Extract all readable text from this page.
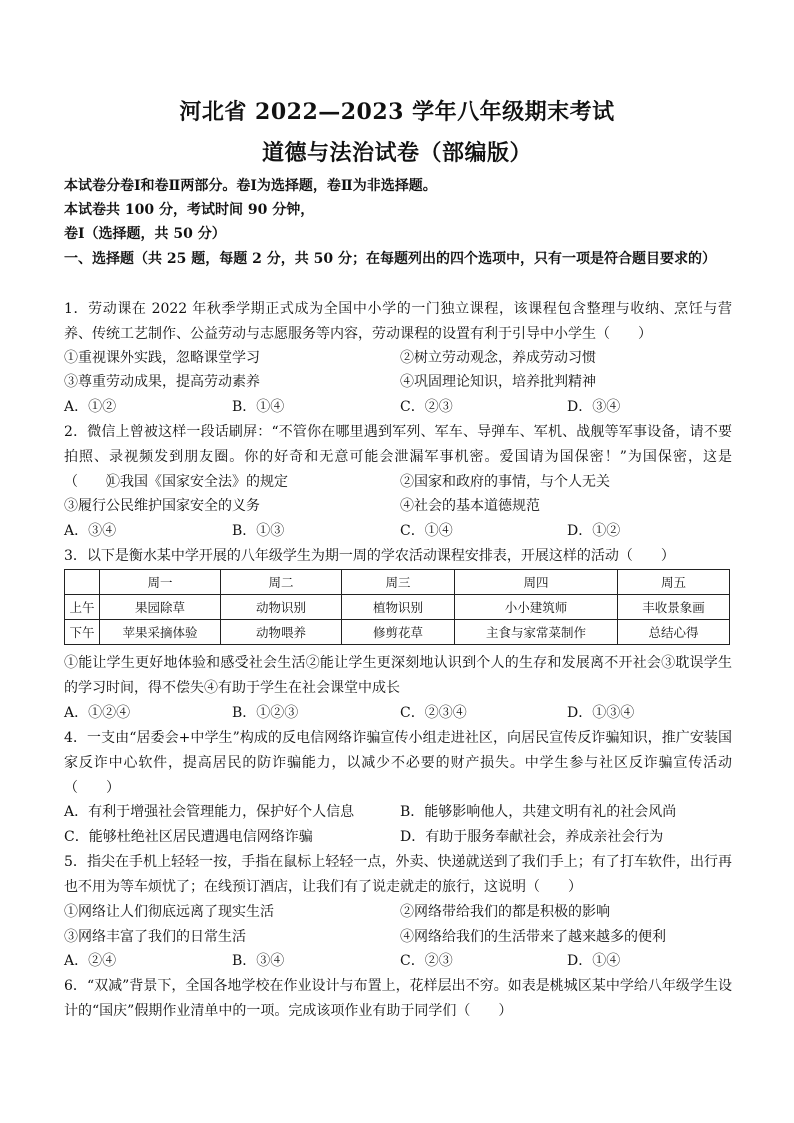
河北省 2022—2023 学年八年级期末考试
道德与法治试卷（部编版）
本试卷分卷Ⅰ和卷Ⅱ两部分。卷Ⅰ为选择题，卷Ⅱ为非选择题。
本试卷共 100 分，考试时间 90 分钟，
卷Ⅰ（选择题，共 50 分）
一、选择题（共 25 题，每题 2 分，共 50 分；在每题列出的四个选项中，只有一项是符合题目要求的）
1．劳动课在 2022 年秋季学期正式成为全国中小学的一门独立课程，该课程包含整理与收纳、烹饪与营养、传统工艺制作、公益劳动与志愿服务等内容，劳动课程的设置有利于引导中小学生（　　）
①重视课外实践，忽略课堂学习	②树立劳动观念，养成劳动习惯
③尊重劳动成果，提高劳动素养	④巩固理论知识，培养批判精神
A．①②	B．①④	C．②③	D．③④
2．微信上曾被这样一段话刷屏：“不管你在哪里遇到军列、军车、导弹车、军机、战舰等军事设备，请不要拍照、录视频发到朋友圈。你的好奇和无意可能会泄漏军事机密。爱国请为国保密！”为国保密，这是（　　）
③履行公民维护国家安全的义务	④社会的基本道德规范
A．③④	B．①③	C．①④	D．①②
①我国《国家安全法》的规定	②国家和政府的事情，与个人无关
3．以下是衡水某中学开展的八年级学生为期一周的学农活动课程安排表，开展这样的活动（　　）
	周一	周二	周三	周四	周五
上午	果园除草	动物识别	植物识别	小小建筑师	丰收景象画
下午	苹果采摘体验	动物喂养	修剪花草	主食与家常菜制作	总结心得
①能让学生更好地体验和感受社会生活②能让学生更深刻地认识到个人的生存和发展离不开社会③耽误学生的学习时间，得不偿失④有助于学生在社会课堂中成长
A．①②④	B．①②③	C．②③④	D．①③④
4．一支由“居委会+中学生”构成的反电信网络诈骗宣传小组走进社区，向居民宣传反诈骗知识，推广安装国家反诈中心软件，提高居民的防诈骗能力，以减少不必要的财产损失。中学生参与社区反诈骗宣传活动（　　）
A．有利于增强社会管理能力，保护好个人信息	B．能够影响他人，共建文明有礼的社会风尚
C．能够杜绝社区居民遭遇电信网络诈骗	D．有助于服务奉献社会，养成亲社会行为
5．指尖在手机上轻轻一按，手指在鼠标上轻轻一点，外卖、快递就送到了我们手上；有了打车软件，出行再也不用为等车烦忧了；在线预订酒店，让我们有了说走就走的旅行，这说明（　　）
①网络让人们彻底远离了现实生活	②网络带给我们的都是积极的影响
③网络丰富了我们的日常生活	④网络给我们的生活带来了越来越多的便利
A．②④	B．③④	C．②③	D．①④
6．“双减”背景下，全国各地学校在作业设计与布置上，花样层出不穷。如表是桃城区某中学给八年级学生设计的“国庆”假期作业清单中的一项。完成该项作业有助于同学们（　　）
